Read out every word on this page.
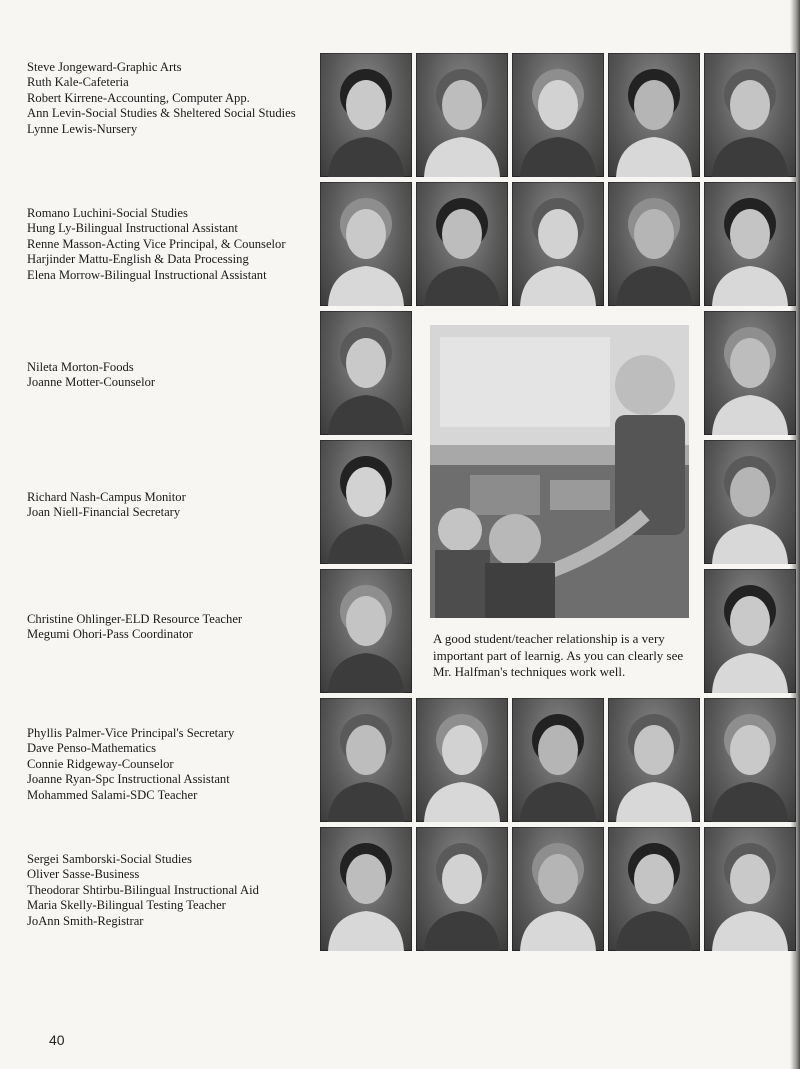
Steve Jongeward-Graphic Arts
Ruth Kale-Cafeteria
Robert Kirrene-Accounting, Computer App.
Ann Levin-Social Studies & Sheltered Social Studies
Lynne Lewis-Nursery
Romano Luchini-Social Studies
Hung Ly-Bilingual Instructional Assistant
Renne Masson-Acting Vice Principal, & Counselor
Harjinder Mattu-English & Data Processing
Elena Morrow-Bilingual Instructional Assistant
Nileta Morton-Foods
Joanne Motter-Counselor
Richard Nash-Campus Monitor
Joan Niell-Financial Secretary
Christine Ohlinger-ELD Resource Teacher
Megumi Ohori-Pass Coordinator
Phyllis Palmer-Vice Principal's Secretary
Dave Penso-Mathematics
Connie Ridgeway-Counselor
Joanne Ryan-Spc Instructional Assistant
Mohammed Salami-SDC Teacher
Sergei Samborski-Social Studies
Oliver Sasse-Business
Theodorar Shtirbu-Bilingual Instructional Aid
Maria Skelly-Bilingual Testing Teacher
JoAnn Smith-Registrar
A good student/teacher relationship is a very important part of learnig. As you can clearly see Mr. Halfman's techniques work well.
40
